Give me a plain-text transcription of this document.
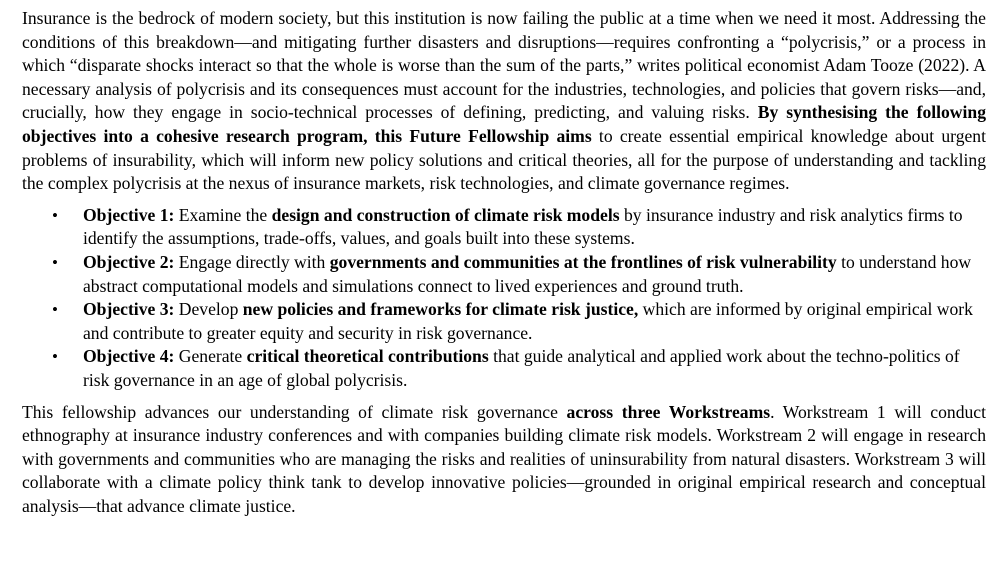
Insurance is the bedrock of modern society, but this institution is now failing the public at a time when we need it most. Addressing the conditions of this breakdown—and mitigating further disasters and disruptions—requires confronting a “polycrisis,” or a process in which “disparate shocks interact so that the whole is worse than the sum of the parts,” writes political economist Adam Tooze (2022). A necessary analysis of polycrisis and its consequences must account for the industries, technologies, and policies that govern risks—and, crucially, how they engage in socio-technical processes of defining, predicting, and valuing risks. By synthesising the following objectives into a cohesive research program, this Future Fellowship aims to create essential empirical knowledge about urgent problems of insurability, which will inform new policy solutions and critical theories, all for the purpose of understanding and tackling the complex polycrisis at the nexus of insurance markets, risk technologies, and climate governance regimes.

• Objective 1: Examine the design and construction of climate risk models by insurance industry and risk analytics firms to identify the assumptions, trade-offs, values, and goals built into these systems.
• Objective 2: Engage directly with governments and communities at the frontlines of risk vulnerability to understand how abstract computational models and simulations connect to lived experiences and ground truth.
• Objective 3: Develop new policies and frameworks for climate risk justice, which are informed by original empirical work and contribute to greater equity and security in risk governance.
• Objective 4: Generate critical theoretical contributions that guide analytical and applied work about the techno-politics of risk governance in an age of global polycrisis.

This fellowship advances our understanding of climate risk governance across three Workstreams. Workstream 1 will conduct ethnography at insurance industry conferences and with companies building climate risk models. Workstream 2 will engage in research with governments and communities who are managing the risks and realities of uninsurability from natural disasters. Workstream 3 will collaborate with a climate policy think tank to develop innovative policies—grounded in original empirical research and conceptual analysis—that advance climate justice.
